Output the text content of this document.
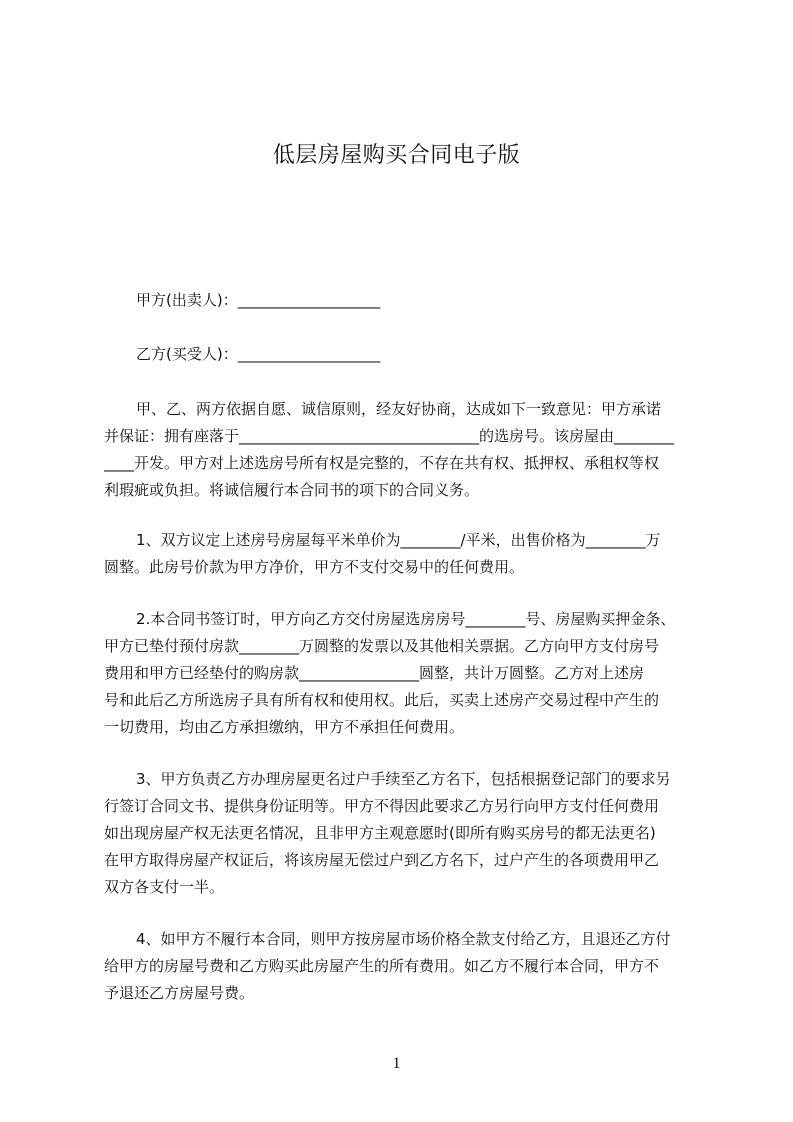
低层房屋购买合同电子版
甲方(出卖人)：___________________
乙方(买受人)：___________________
甲、乙、两方依据自愿、诚信原则，经友好协商，达成如下一致意见：甲方承诺
并保证：拥有座落于________________________________的选房号。该房屋由________
____开发。甲方对上述选房号所有权是完整的，不存在共有权、抵押权、承租权等权
利瑕疵或负担。将诚信履行本合同书的项下的合同义务。
1、双方议定上述房号房屋每平米单价为________/平米，出售价格为________万
圆整。此房号价款为甲方净价，甲方不支付交易中的任何费用。
2.本合同书签订时，甲方向乙方交付房屋选房房号________号、房屋购买押金条、
甲方已垫付预付房款________万圆整的发票以及其他相关票据。乙方向甲方支付房号
费用和甲方已经垫付的购房款________________圆整，共计万圆整。乙方对上述房
号和此后乙方所选房子具有所有权和使用权。此后，买卖上述房产交易过程中产生的
一切费用，均由乙方承担缴纳，甲方不承担任何费用。
3、甲方负责乙方办理房屋更名过户手续至乙方名下，包括根据登记部门的要求另
行签订合同文书、提供身份证明等。甲方不得因此要求乙方另行向甲方支付任何费用
如出现房屋产权无法更名情况，且非甲方主观意愿时(即所有购买房号的都无法更名)
在甲方取得房屋产权证后，将该房屋无偿过户到乙方名下，过户产生的各项费用甲乙
双方各支付一半。
4、如甲方不履行本合同，则甲方按房屋市场价格全款支付给乙方，且退还乙方付
给甲方的房屋号费和乙方购买此房屋产生的所有费用。如乙方不履行本合同，甲方不
予退还乙方房屋号费。
1
